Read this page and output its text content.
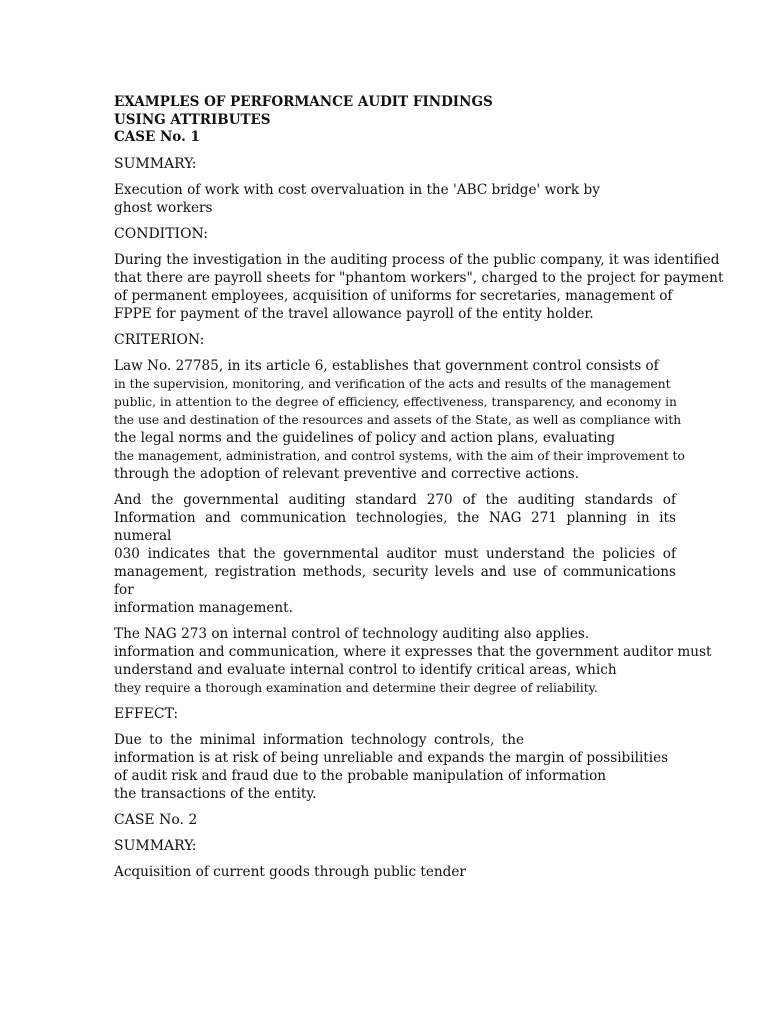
EXAMPLES OF PERFORMANCE AUDIT FINDINGS
USING ATTRIBUTES
CASE No. 1
SUMMARY:
Execution of work with cost overvaluation in the 'ABC bridge' work by
ghost workers
CONDITION:
During the investigation in the auditing process of the public company, it was identified
that there are payroll sheets for "phantom workers", charged to the project for payment
of permanent employees, acquisition of uniforms for secretaries, management of
FPPE for payment of the travel allowance payroll of the entity holder.
CRITERION:
Law No. 27785, in its article 6, establishes that government control consists of
in the supervision, monitoring, and verification of the acts and results of the management
public, in attention to the degree of efficiency, effectiveness, transparency, and economy in
the use and destination of the resources and assets of the State, as well as compliance with
the legal norms and the guidelines of policy and action plans, evaluating
the management, administration, and control systems, with the aim of their improvement to
through the adoption of relevant preventive and corrective actions.
And the governmental auditing standard 270 of the auditing standards of
Information and communication technologies, the NAG 271 planning in its numeral
030 indicates that the governmental auditor must understand the policies of
management, registration methods, security levels and use of communications for
information management.
The NAG 273 on internal control of technology auditing also applies.
information and communication, where it expresses that the government auditor must
understand and evaluate internal control to identify critical areas, which
they require a thorough examination and determine their degree of reliability.
EFFECT:
Due to the minimal information technology controls, the
information is at risk of being unreliable and expands the margin of possibilities
of audit risk and fraud due to the probable manipulation of information
the transactions of the entity.
CASE No. 2
SUMMARY:
Acquisition of current goods through public tender
